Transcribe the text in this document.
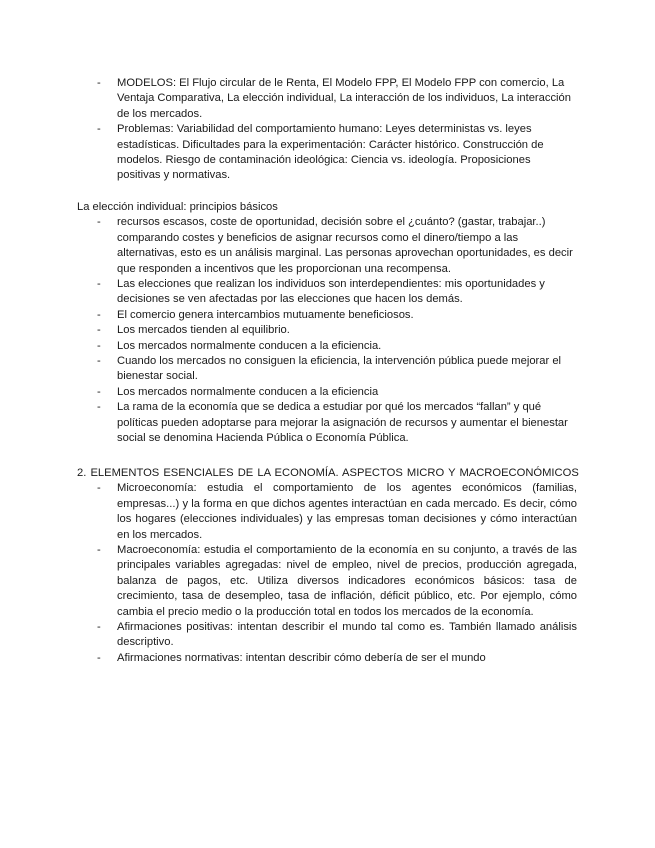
- MODELOS: El Flujo circular de le Renta, El Modelo FPP, El Modelo FPP con comercio, La Ventaja Comparativa, La elección individual, La interacción de los individuos, La interacción de los mercados.
- Problemas: Variabilidad del comportamiento humano: Leyes deterministas vs. leyes estadísticas. Dificultades para la experimentación: Carácter histórico. Construcción de modelos. Riesgo de contaminación ideológica: Ciencia vs. ideología. Proposiciones positivas y normativas.
La elección individual: principios básicos
- recursos escasos, coste de oportunidad, decisión sobre el ¿cuánto? (gastar, trabajar..) comparando costes y beneficios de asignar recursos como el dinero/tiempo a las alternativas, esto es un análisis marginal. Las personas aprovechan oportunidades, es decir que responden a incentivos que les proporcionan una recompensa.
- Las elecciones que realizan los individuos son interdependientes: mis oportunidades y decisiones se ven afectadas por las elecciones que hacen los demás.
- El comercio genera intercambios mutuamente beneficiosos.
- Los mercados tienden al equilibrio.
- Los mercados normalmente conducen a la eficiencia.
- Cuando los mercados no consiguen la eficiencia, la intervención pública puede mejorar el bienestar social.
- Los mercados normalmente conducen a la eficiencia
- La rama de la economía que se dedica a estudiar por qué los mercados “fallan” y qué políticas pueden adoptarse para mejorar la asignación de recursos y aumentar el bienestar social se denomina Hacienda Pública o Economía Pública.
2. ELEMENTOS ESENCIALES DE LA ECONOMÍA. ASPECTOS MICRO Y MACROECONÓMICOS
- Microeconomía: estudia el comportamiento de los agentes económicos (familias, empresas...) y la forma en que dichos agentes interactúan en cada mercado. Es decir, cómo los hogares (elecciones individuales) y las empresas toman decisiones y cómo interactúan en los mercados.
- Macroeconomía: estudia el comportamiento de la economía en su conjunto, a través de las principales variables agregadas: nivel de empleo, nivel de precios, producción agregada, balanza de pagos, etc. Utiliza diversos indicadores económicos básicos: tasa de crecimiento, tasa de desempleo, tasa de inflación, déficit público, etc. Por ejemplo, cómo cambia el precio medio o la producción total en todos los mercados de la economía.
- Afirmaciones positivas: intentan describir el mundo tal como es. También llamado análisis descriptivo.
- Afirmaciones normativas: intentan describir cómo debería de ser el mundo
